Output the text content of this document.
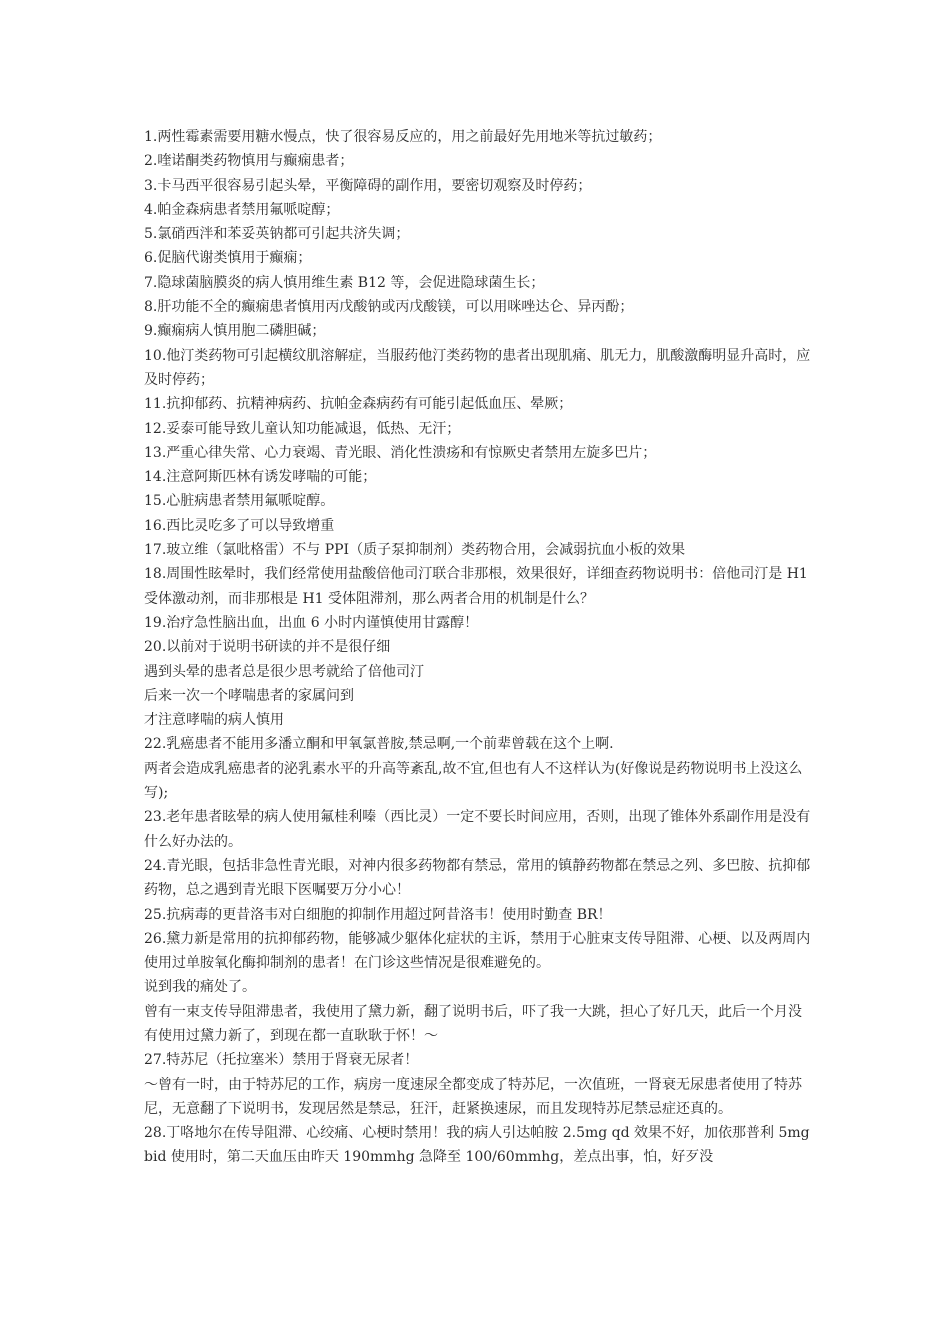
1.两性霉素需要用糖水慢点，快了很容易反应的，用之前最好先用地米等抗过敏药；

2.喹诺酮类药物慎用与癫痫患者；

3.卡马西平很容易引起头晕，平衡障碍的副作用，要密切观察及时停药；

4.帕金森病患者禁用氟哌啶醇；

5.氯硝西泮和苯妥英钠都可引起共济失调；

6.促脑代谢类慎用于癫痫；

7.隐球菌脑膜炎的病人慎用维生素 B12 等，会促进隐球菌生长；

8.肝功能不全的癫痫患者慎用丙戊酸钠或丙戊酸镁，可以用咪唑达仑、异丙酚；

9.癫痫病人慎用胞二磷胆碱；

10.他汀类药物可引起横纹肌溶解症，当服药他汀类药物的患者出现肌痛、肌无力，肌酸激酶明显升高时，应及时停药；

11.抗抑郁药、抗精神病药、抗帕金森病药有可能引起低血压、晕厥；

12.妥泰可能导致儿童认知功能减退，低热、无汗；

13.严重心律失常、心力衰竭、青光眼、消化性溃疡和有惊厥史者禁用左旋多巴片；

14.注意阿斯匹林有诱发哮喘的可能；

15.心脏病患者禁用氟哌啶醇。

16.西比灵吃多了可以导致增重

17.玻立维（氯吡格雷）不与 PPI（质子泵抑制剂）类药物合用，会减弱抗血小板的效果

18.周围性眩晕时，我们经常使用盐酸倍他司汀联合非那根，效果很好，详细查药物说明书：倍他司汀是 H1 受体激动剂，而非那根是 H1 受体阻滞剂，那么两者合用的机制是什么？

19.治疗急性脑出血，出血 6 小时内谨慎使用甘露醇！

20.以前对于说明书研读的并不是很仔细

遇到头晕的患者总是很少思考就给了倍他司汀

后来一次一个哮喘患者的家属问到

才注意哮喘的病人慎用

22.乳癌患者不能用多潘立酮和甲氧氯普胺,禁忌啊,一个前辈曾载在这个上啊.

两者会造成乳癌患者的泌乳素水平的升高等紊乱,故不宜,但也有人不这样认为(好像说是药物说明书上没这么写);

23.老年患者眩晕的病人使用氟桂利嗪（西比灵）一定不要长时间应用，否则，出现了锥体外系副作用是没有什么好办法的。

24.青光眼，包括非急性青光眼，对神内很多药物都有禁忌，常用的镇静药物都在禁忌之列、多巴胺、抗抑郁药物，总之遇到青光眼下医嘱要万分小心！

25.抗病毒的更昔洛韦对白细胞的抑制作用超过阿昔洛韦！使用时勤查 BR！

26.黛力新是常用的抗抑郁药物，能够减少躯体化症状的主诉，禁用于心脏束支传导阻滞、心梗、以及两周内使用过单胺氧化酶抑制剂的患者！在门诊这些情况是很难避免的。

说到我的痛处了。

曾有一束支传导阻滞患者，我使用了黛力新，翻了说明书后，吓了我一大跳，担心了好几天，此后一个月没有使用过黛力新了，到现在都一直耿耿于怀！～

27.特苏尼（托拉塞米）禁用于肾衰无尿者！

～曾有一时，由于特苏尼的工作，病房一度速尿全都变成了特苏尼，一次值班，一肾衰无尿患者使用了特苏尼，无意翻了下说明书，发现居然是禁忌，狂汗，赶紧换速尿，而且发现特苏尼禁忌症还真的。

28.丁咯地尔在传导阻滞、心绞痛、心梗时禁用！我的病人引达帕胺 2.5mg qd 效果不好，加依那普利 5mg bid 使用时，第二天血压由昨天 190mmhg 急降至 100/60mmhg，差点出事，怕，好歹没
